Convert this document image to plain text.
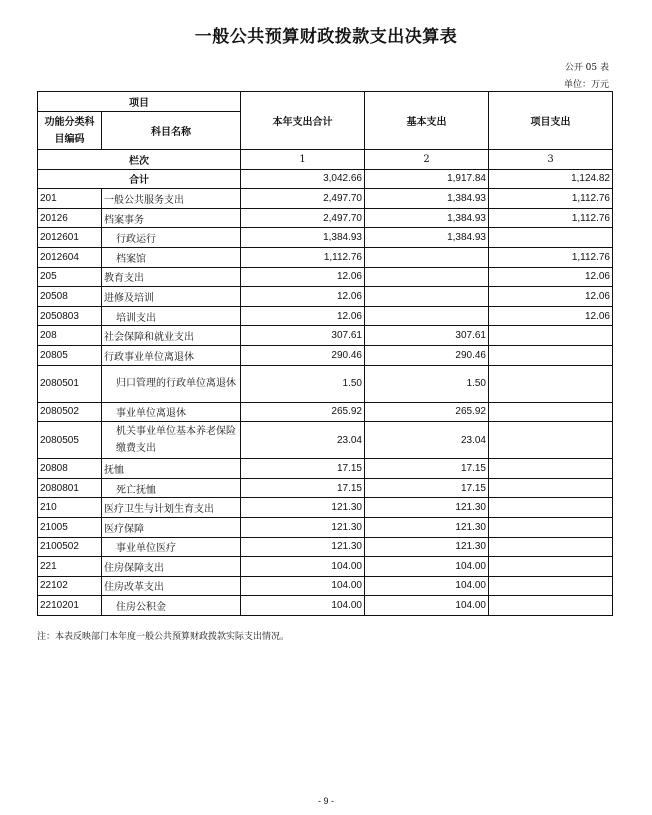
一般公共预算财政拨款支出决算表
公开 05 表
单位：万元
项目		本年支出合计	基本支出	项目支出
功能分类科目编码	科目名称			
栏次		1	2	3
合计		3,042.66	1,917.84	1,124.82
201	一般公共服务支出	2,497.70	1,384.93	1,112.76
20126	档案事务	2,497.70	1,384.93	1,112.76
2012601	行政运行	1,384.93	1,384.93	
2012604	档案馆	1,112.76		1,112.76
205	教育支出	12.06		12.06
20508	进修及培训	12.06		12.06
2050803	培训支出	12.06		12.06
208	社会保障和就业支出	307.61	307.61	
20805	行政事业单位离退休	290.46	290.46	
2080501	归口管理的行政单位离退休	1.50	1.50	
2080502	事业单位离退休	265.92	265.92	
2080505	机关事业单位基本养老保险缴费支出	23.04	23.04	
20808	抚恤	17.15	17.15	
2080801	死亡抚恤	17.15	17.15	
210	医疗卫生与计划生育支出	121.30	121.30	
21005	医疗保障	121.30	121.30	
2100502	事业单位医疗	121.30	121.30	
221	住房保障支出	104.00	104.00	
22102	住房改革支出	104.00	104.00	
2210201	住房公积金	104.00	104.00	
注：本表反映部门本年度一般公共预算财政拨款实际支出情况。
- 9 -
